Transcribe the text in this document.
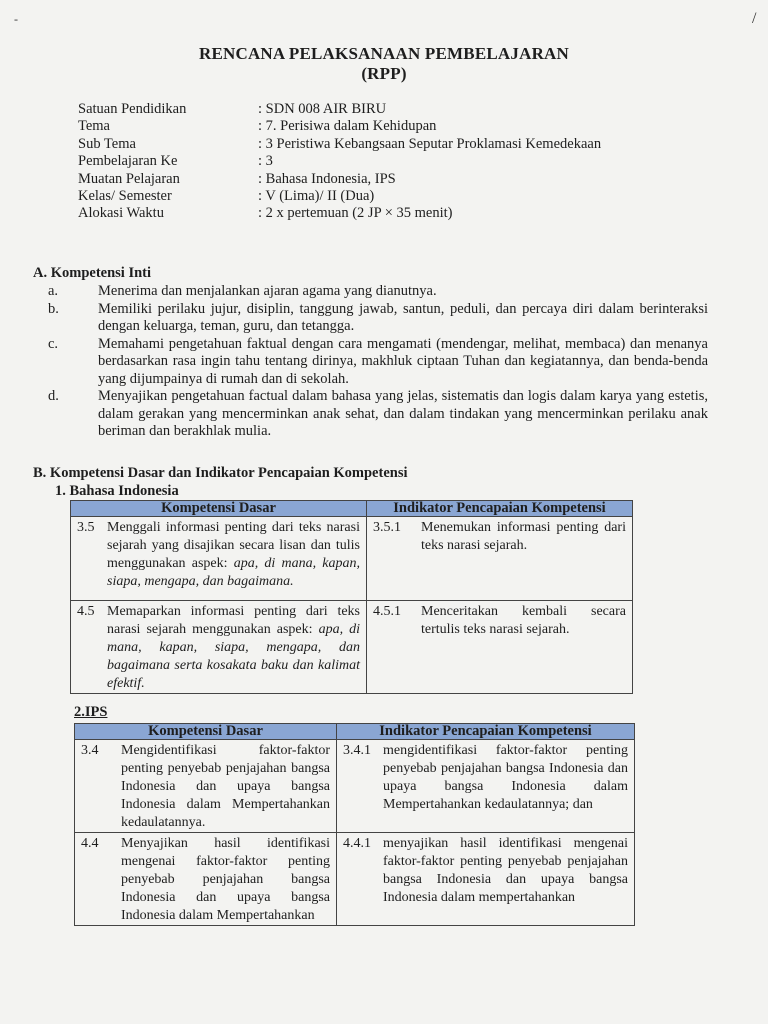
/
-
RENCANA PELAKSANAAN PEMBELAJARAN
(RPP)
Satuan Pendidikan	: SDN 008 AIR BIRU
Tema	: 7. Perisiwa dalam Kehidupan
Sub Tema	: 3 Peristiwa Kebangsaan Seputar Proklamasi Kemedekaan
Pembelajaran Ke	: 3
Muatan Pelajaran	: Bahasa Indonesia, IPS
Kelas/ Semester	: V (Lima)/ II (Dua)
Alokasi Waktu	: 2 x pertemuan (2 JP × 35 menit)
A. Kompetensi Inti
a.	Menerima dan menjalankan ajaran agama yang dianutnya.
b.	Memiliki perilaku jujur, disiplin, tanggung jawab, santun, peduli, dan percaya diri dalam berinteraksi dengan keluarga, teman, guru, dan tetangga.
c.	Memahami pengetahuan faktual dengan cara mengamati (mendengar, melihat, membaca) dan menanya berdasarkan rasa ingin tahu tentang dirinya, makhluk ciptaan Tuhan dan kegiatannya, dan benda-benda yang dijumpainya di rumah dan di sekolah.
d.	Menyajikan pengetahuan factual dalam bahasa yang jelas, sistematis dan logis dalam karya yang estetis, dalam gerakan yang mencerminkan anak sehat, dan dalam tindakan yang mencerminkan perilaku anak beriman dan berakhlak mulia.
B. Kompetensi Dasar dan Indikator Pencapaian Kompetensi
1. Bahasa Indonesia
Kompetensi Dasar	Indikator Pencapaian Kompetensi

3.5 Menggali informasi penting dari teks narasi sejarah yang disajikan secara lisan dan tulis menggunakan aspek: apa, di mana, kapan, siapa, mengapa, dan bagaimana.	3.5.1 Menemukan informasi penting dari teks narasi sejarah.

4.5 Memaparkan informasi penting dari teks narasi sejarah menggunakan aspek: apa, di mana, kapan, siapa, mengapa, dan bagaimana serta kosakata baku dan kalimat efektif.	4.5.1 Menceritakan kembali secara tertulis teks narasi sejarah.
2.IPS
Kompetensi Dasar	Indikator Pencapaian Kompetensi

3.4 Mengidentifikasi faktor-faktor penting penyebab penjajahan bangsa Indonesia dan upaya bangsa Indonesia dalam Mempertahankan kedaulatannya.	3.4.1 mengidentifikasi faktor-faktor penting penyebab penjajahan bangsa Indonesia dan upaya bangsa Indonesia dalam Mempertahankan kedaulatannya; dan

4.4 Menyajikan hasil identifikasi mengenai faktor-faktor penting penyebab penjajahan bangsa Indonesia dan upaya bangsa Indonesia dalam Mempertahankan	4.4.1 menyajikan hasil identifikasi mengenai faktor-faktor penting penyebab penjajahan bangsa Indonesia dan upaya bangsa Indonesia dalam mempertahankan
